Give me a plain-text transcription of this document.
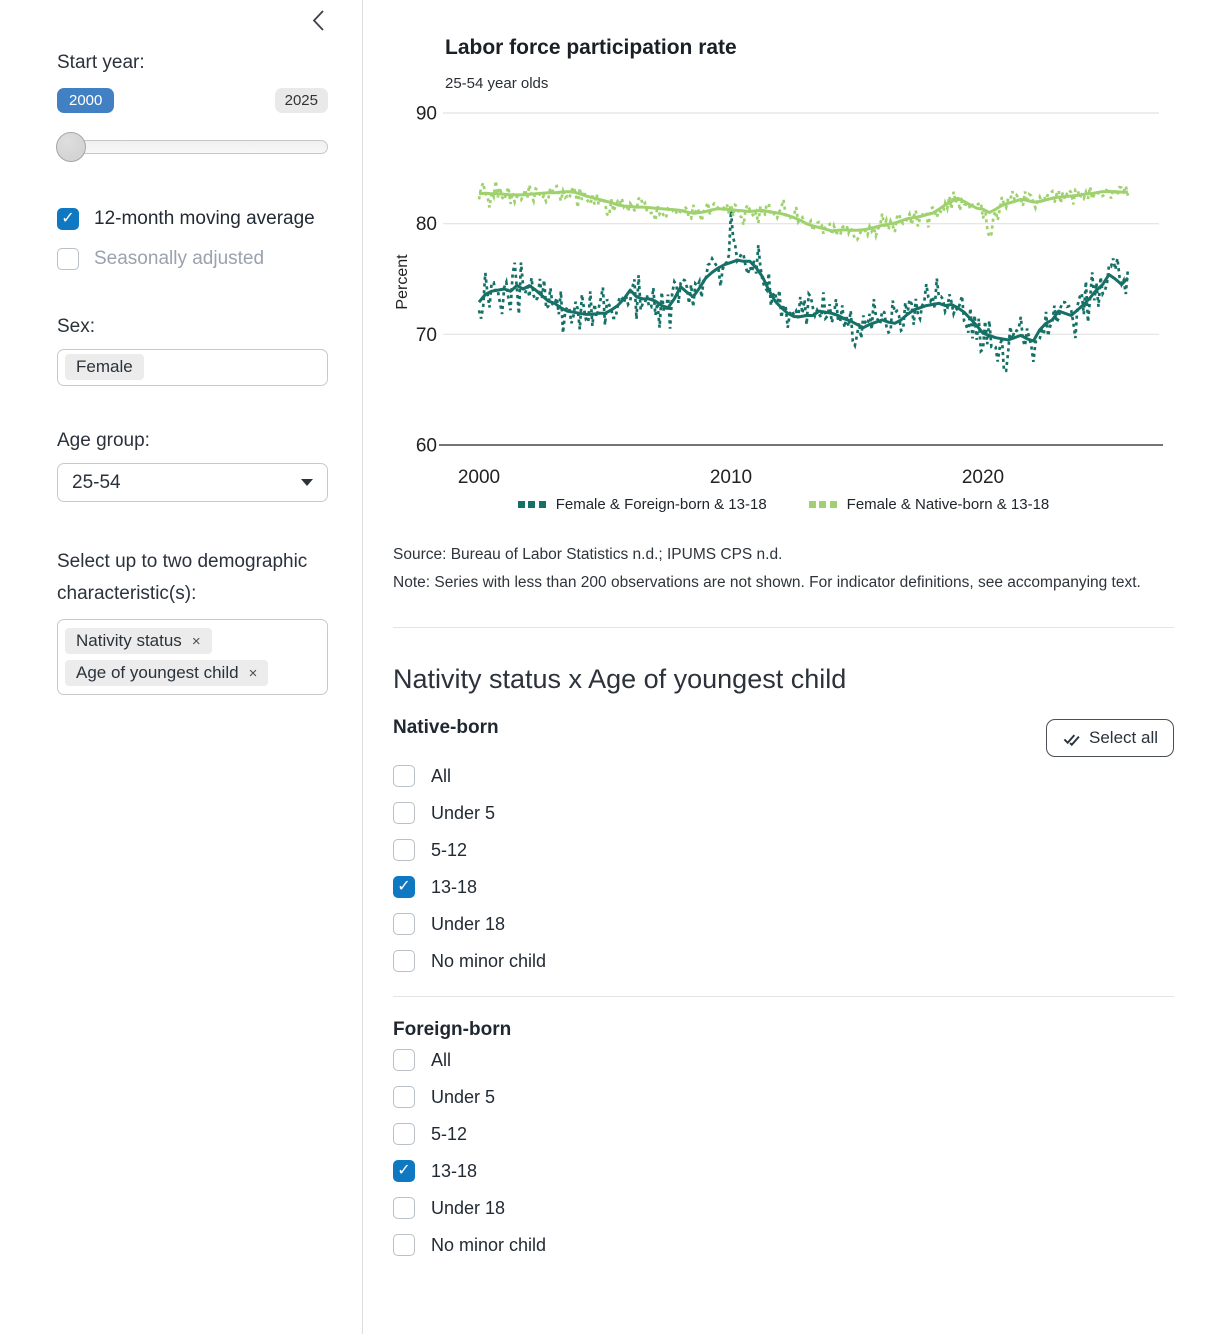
Start year:
2000	2025
✓
12-month moving average
Seasonally adjusted
Sex:
Female
Age group:
25-54
Select up to two demographic characteristic(s):
Nativity status ×
Age of youngest child ×
Labor force participation rate
25-54 year olds
60
70
80
90
2000	2010	2020
Percent
Female & Foreign-born & 13-18	Female & Native-born & 13-18
Source: Bureau of Labor Statistics n.d.; IPUMS CPS n.d.
Note: Series with less than 200 observations are not shown. For indicator definitions, see accompanying text.
Nativity status x Age of youngest child
Native-born	Select all
All
Under 5
5-12
✓
13-18
Under 18
No minor child
Foreign-born
All
Under 5
5-12
✓
13-18
Under 18
No minor child
